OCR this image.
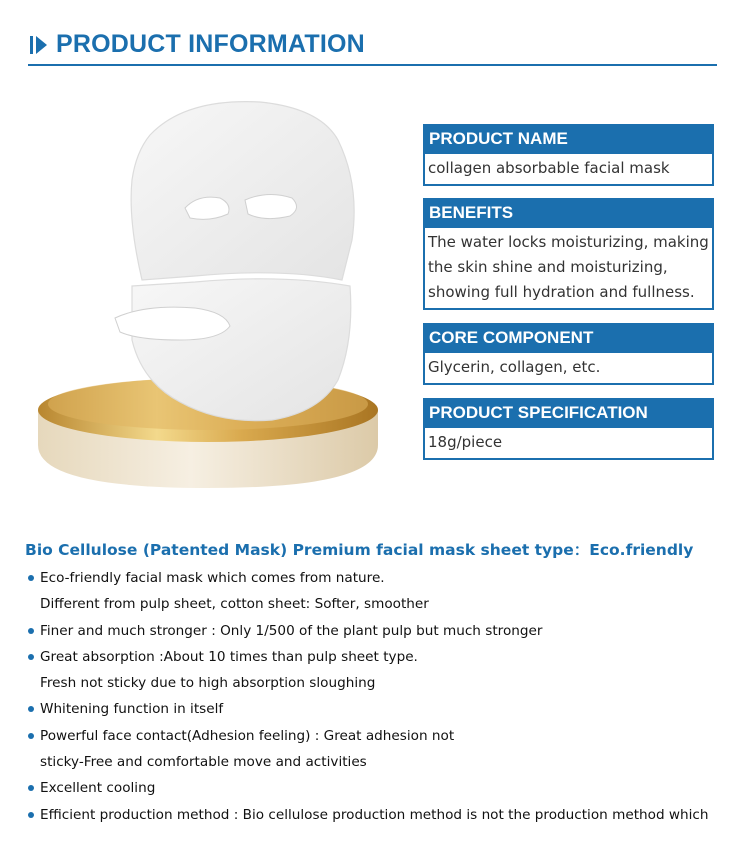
PRODUCT INFORMATION
PRODUCT NAME
collagen absorbable facial mask
BENEFITS
The water locks moisturizing, making the skin shine and moisturizing, showing full hydration and fullness.
CORE COMPONENT
Glycerin, collagen, etc.
PRODUCT SPECIFICATION
18g/piece
Bio Cellulose (Patented Mask) Premium facial mask sheet type：Eco.friendly
Eco-friendly facial mask which comes from nature.
Different from pulp sheet, cotton sheet: Softer, smoother
Finer and much stronger : Only 1/500 of the plant pulp but much stronger
Great absorption :About 10 times than pulp sheet type.
Fresh not sticky due to high absorption sloughing
Whitening function in itself
Powerful face contact(Adhesion feeling) : Great adhesion not
sticky-Free and comfortable move and activities
Excellent cooling
Efficient production method : Bio cellulose production method is not the production method which
